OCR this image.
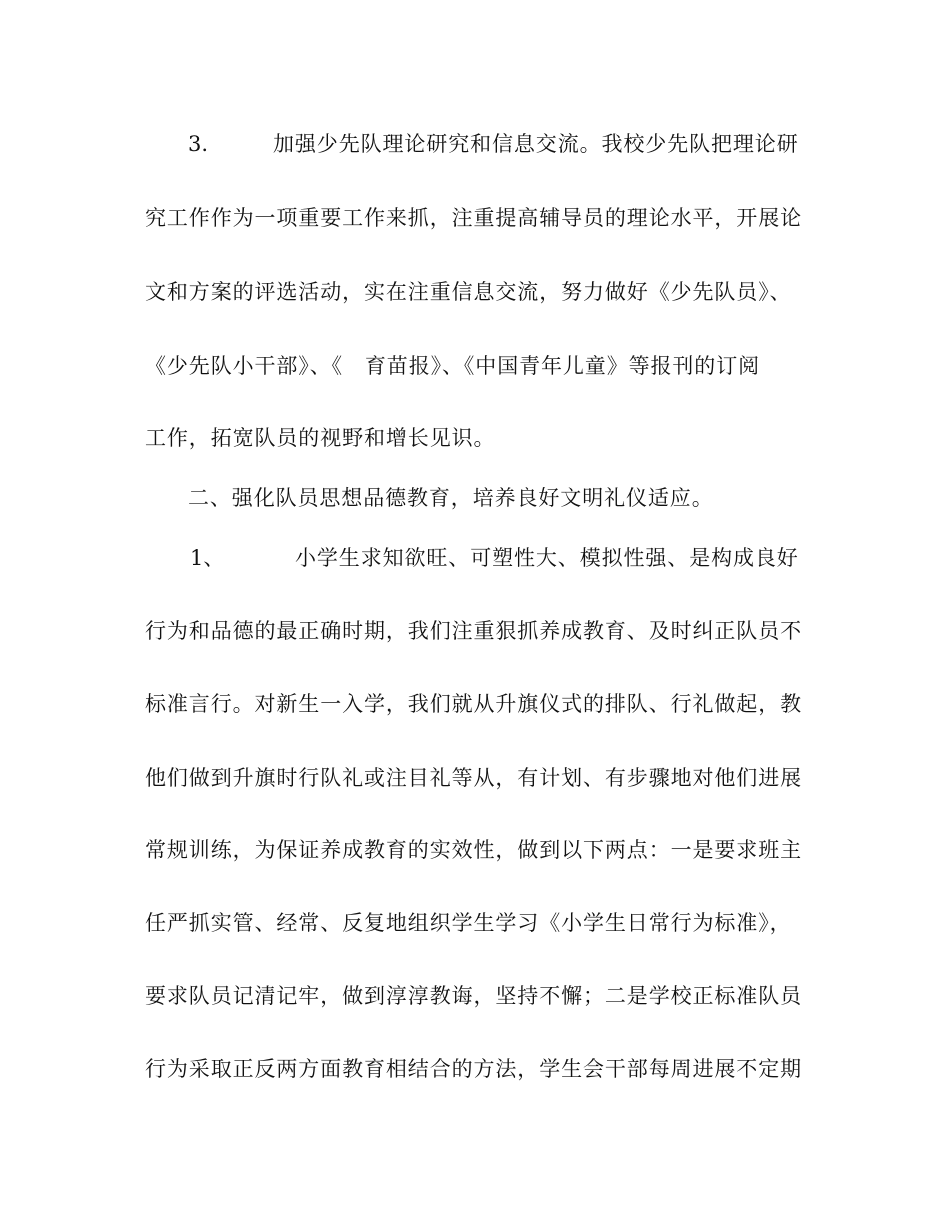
3.	加强少先队理论研究和信息交流。我校少先队把理论研
究工作作为一项重要工作来抓，注重提高辅导员的理论水平，开展论
文和方案的评选活动，实在注重信息交流，努力做好《少先队员》、
《少先队小干部》、《　育苗报》、《中国青年儿童》等报刊的订阅
工作，拓宽队员的视野和增长见识。
二、强化队员思想品德教育，培养良好文明礼仪适应。
1、	小学生求知欲旺、可塑性大、模拟性强、是构成良好
行为和品德的最正确时期，我们注重狠抓养成教育、及时纠正队员不
标准言行。对新生一入学，我们就从升旗仪式的排队、行礼做起，教
他们做到升旗时行队礼或注目礼等从，有计划、有步骤地对他们进展
常规训练，为保证养成教育的实效性，做到以下两点：一是要求班主
任严抓实管、经常、反复地组织学生学习《小学生日常行为标准》，
要求队员记清记牢，做到淳淳教诲，坚持不懈；二是学校正标准队员
行为采取正反两方面教育相结合的方法，学生会干部每周进展不定期
